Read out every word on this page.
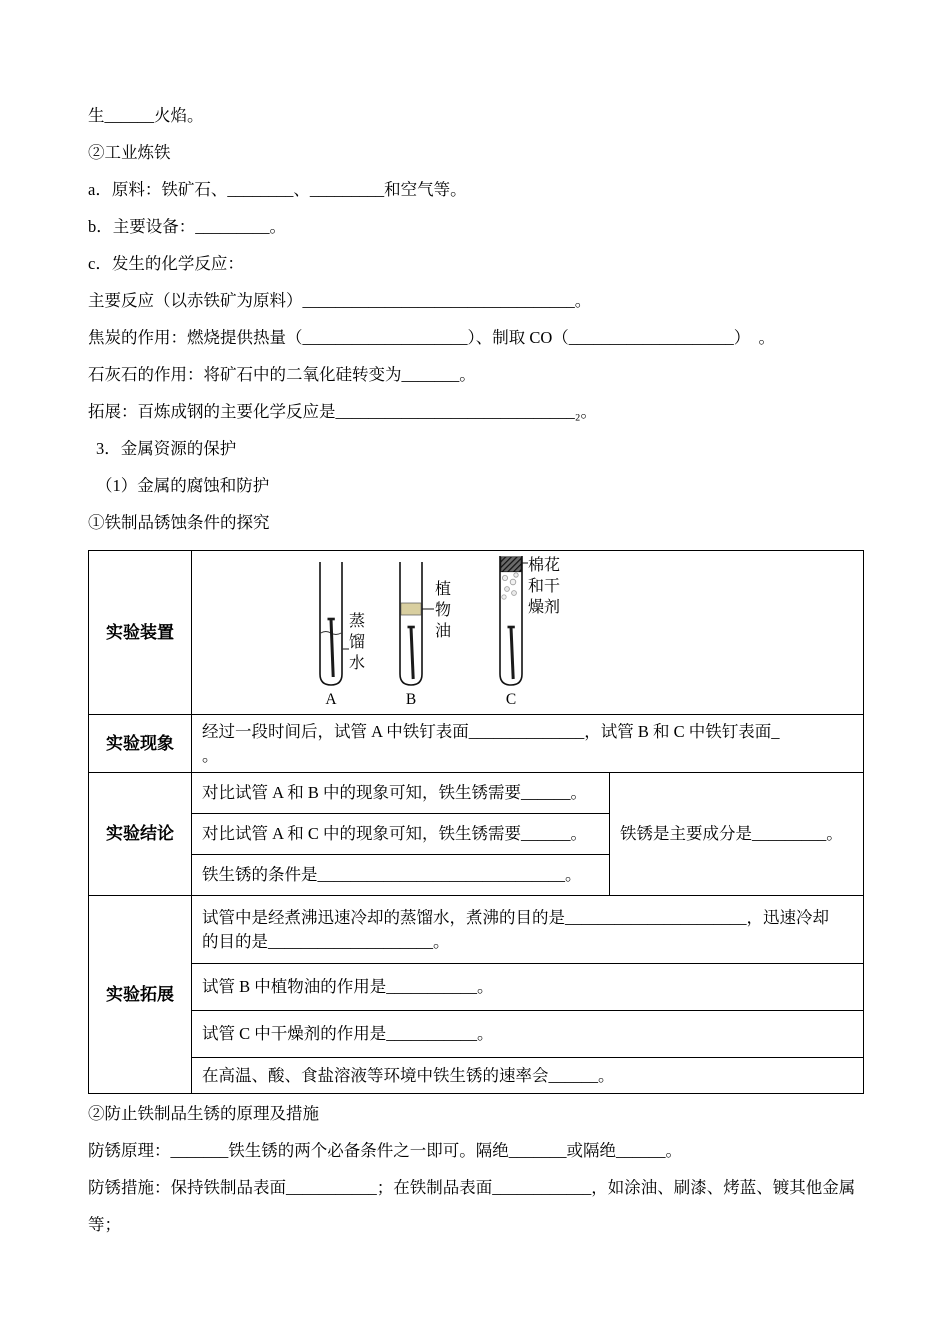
生______火焰。

②工业炼铁

a．原料：铁矿石、________、_________和空气等。

b．主要设备：_________。

c．发生的化学反应：

主要反应（以赤铁矿为原料）_________________________________。

焦炭的作用：燃烧提供热量（____________________）、制取 CO（____________________）  。

石灰石的作用：将矿石中的二氧化硅转变为_______。

拓展：百炼成钢的主要化学反应是_____________________________₂。

3．金属资源的保护

（1）金属的腐蚀和防护

①铁制品锈蚀条件的探究

实验装置	
蒸馏水
植物油
棉花和干燥剂
A	B	C

实验现象	经过一段时间后，试管 A 中铁钉表面______________，试管 B 和 C 中铁钉表面_
。	
实验结论	对比试管 A 和 B 中的现象可知，铁生锈需要______。	铁锈是主要成分是_________。
	对比试管 A 和 C 中的现象可知，铁生锈需要______。	
	铁生锈的条件是______________________________。	
实验拓展	试管中是经煮沸迅速冷却的蒸馏水，煮沸的目的是______________________，迅速冷却
的目的是____________________。	
	试管 B 中植物油的作用是___________。	
	试管 C 中干燥剂的作用是___________。	
	在高温、酸、食盐溶液等环境中铁生锈的速率会______。	

②防止铁制品生锈的原理及措施

防锈原理：_______铁生锈的两个必备条件之一即可。隔绝_______或隔绝______。

防锈措施：保持铁制品表面___________；在铁制品表面____________，如涂油、刷漆、烤蓝、镀其他金属

等；
